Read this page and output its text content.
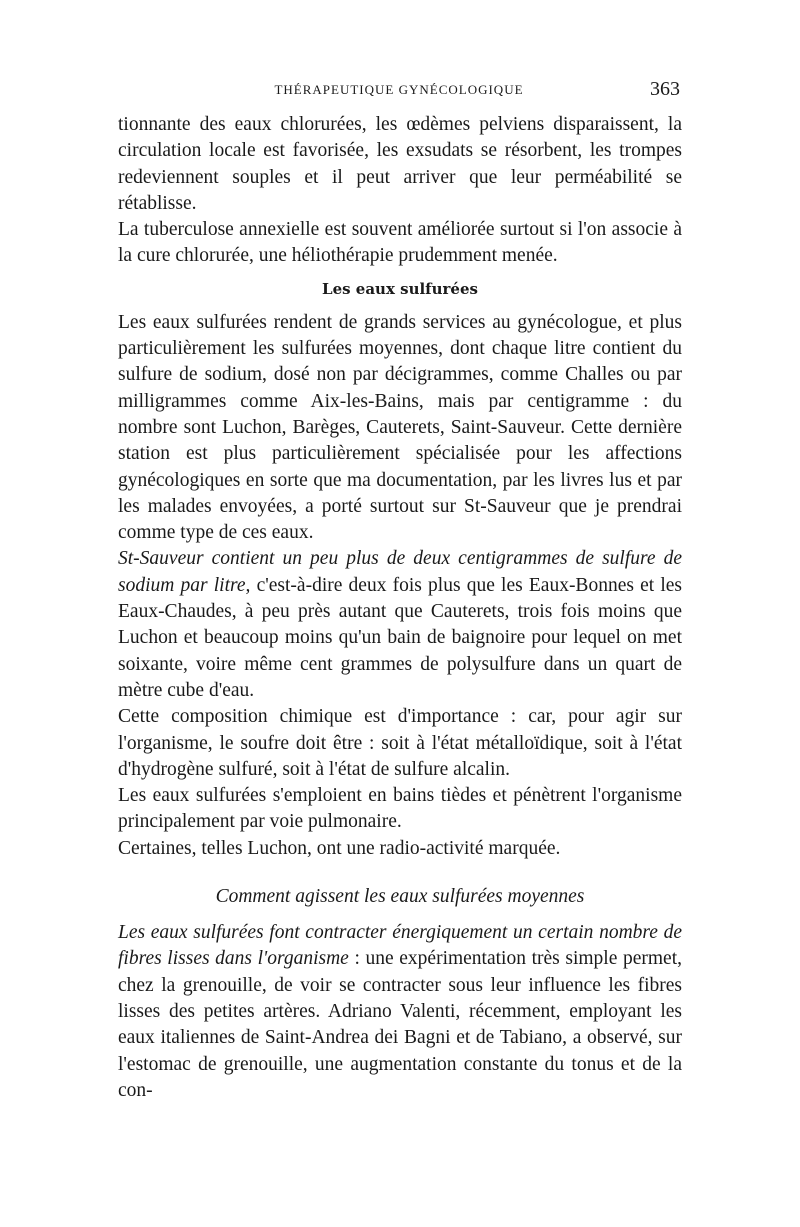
THÉRAPEUTIQUE GYNÉCOLOGIQUE	363

tionnante des eaux chlorurées, les œdèmes pelviens disparaissent, la circulation locale est favorisée, les exsudats se résorbent, les trompes redeviennent souples et il peut arriver que leur perméabilité se rétablisse.

La tuberculose annexielle est souvent améliorée surtout si l'on associe à la cure chlorurée, une héliothérapie prudemment menée.

Les eaux sulfurées

Les eaux sulfurées rendent de grands services au gynécologue, et plus particulièrement les sulfurées moyennes, dont chaque litre contient du sulfure de sodium, dosé non par décigrammes, comme Challes ou par milligrammes comme Aix-les-Bains, mais par centigramme : du nombre sont Luchon, Barèges, Cauterets, Saint-Sauveur. Cette dernière station est plus particulièrement spécialisée pour les affections gynécologiques en sorte que ma documentation, par les livres lus et par les malades envoyées, a porté surtout sur St-Sauveur que je prendrai comme type de ces eaux.

St-Sauveur contient un peu plus de deux centigrammes de sulfure de sodium par litre, c'est-à-dire deux fois plus que les Eaux-Bonnes et les Eaux-Chaudes, à peu près autant que Cauterets, trois fois moins que Luchon et beaucoup moins qu'un bain de baignoire pour lequel on met soixante, voire même cent grammes de polysulfure dans un quart de mètre cube d'eau.

Cette composition chimique est d'importance : car, pour agir sur l'organisme, le soufre doit être : soit à l'état métalloïdique, soit à l'état d'hydrogène sulfuré, soit à l'état de sulfure alcalin.

Les eaux sulfurées s'emploient en bains tièdes et pénètrent l'organisme principalement par voie pulmonaire.

Certaines, telles Luchon, ont une radio-activité marquée.

Comment agissent les eaux sulfurées moyennes

Les eaux sulfurées font contracter énergiquement un certain nombre de fibres lisses dans l'organisme : une expérimentation très simple permet, chez la grenouille, de voir se contracter sous leur influence les fibres lisses des petites artères. Adriano Valenti, récemment, employant les eaux italiennes de Saint-Andrea dei Bagni et de Tabiano, a observé, sur l'estomac de grenouille, une augmentation constante du tonus et de la con-
